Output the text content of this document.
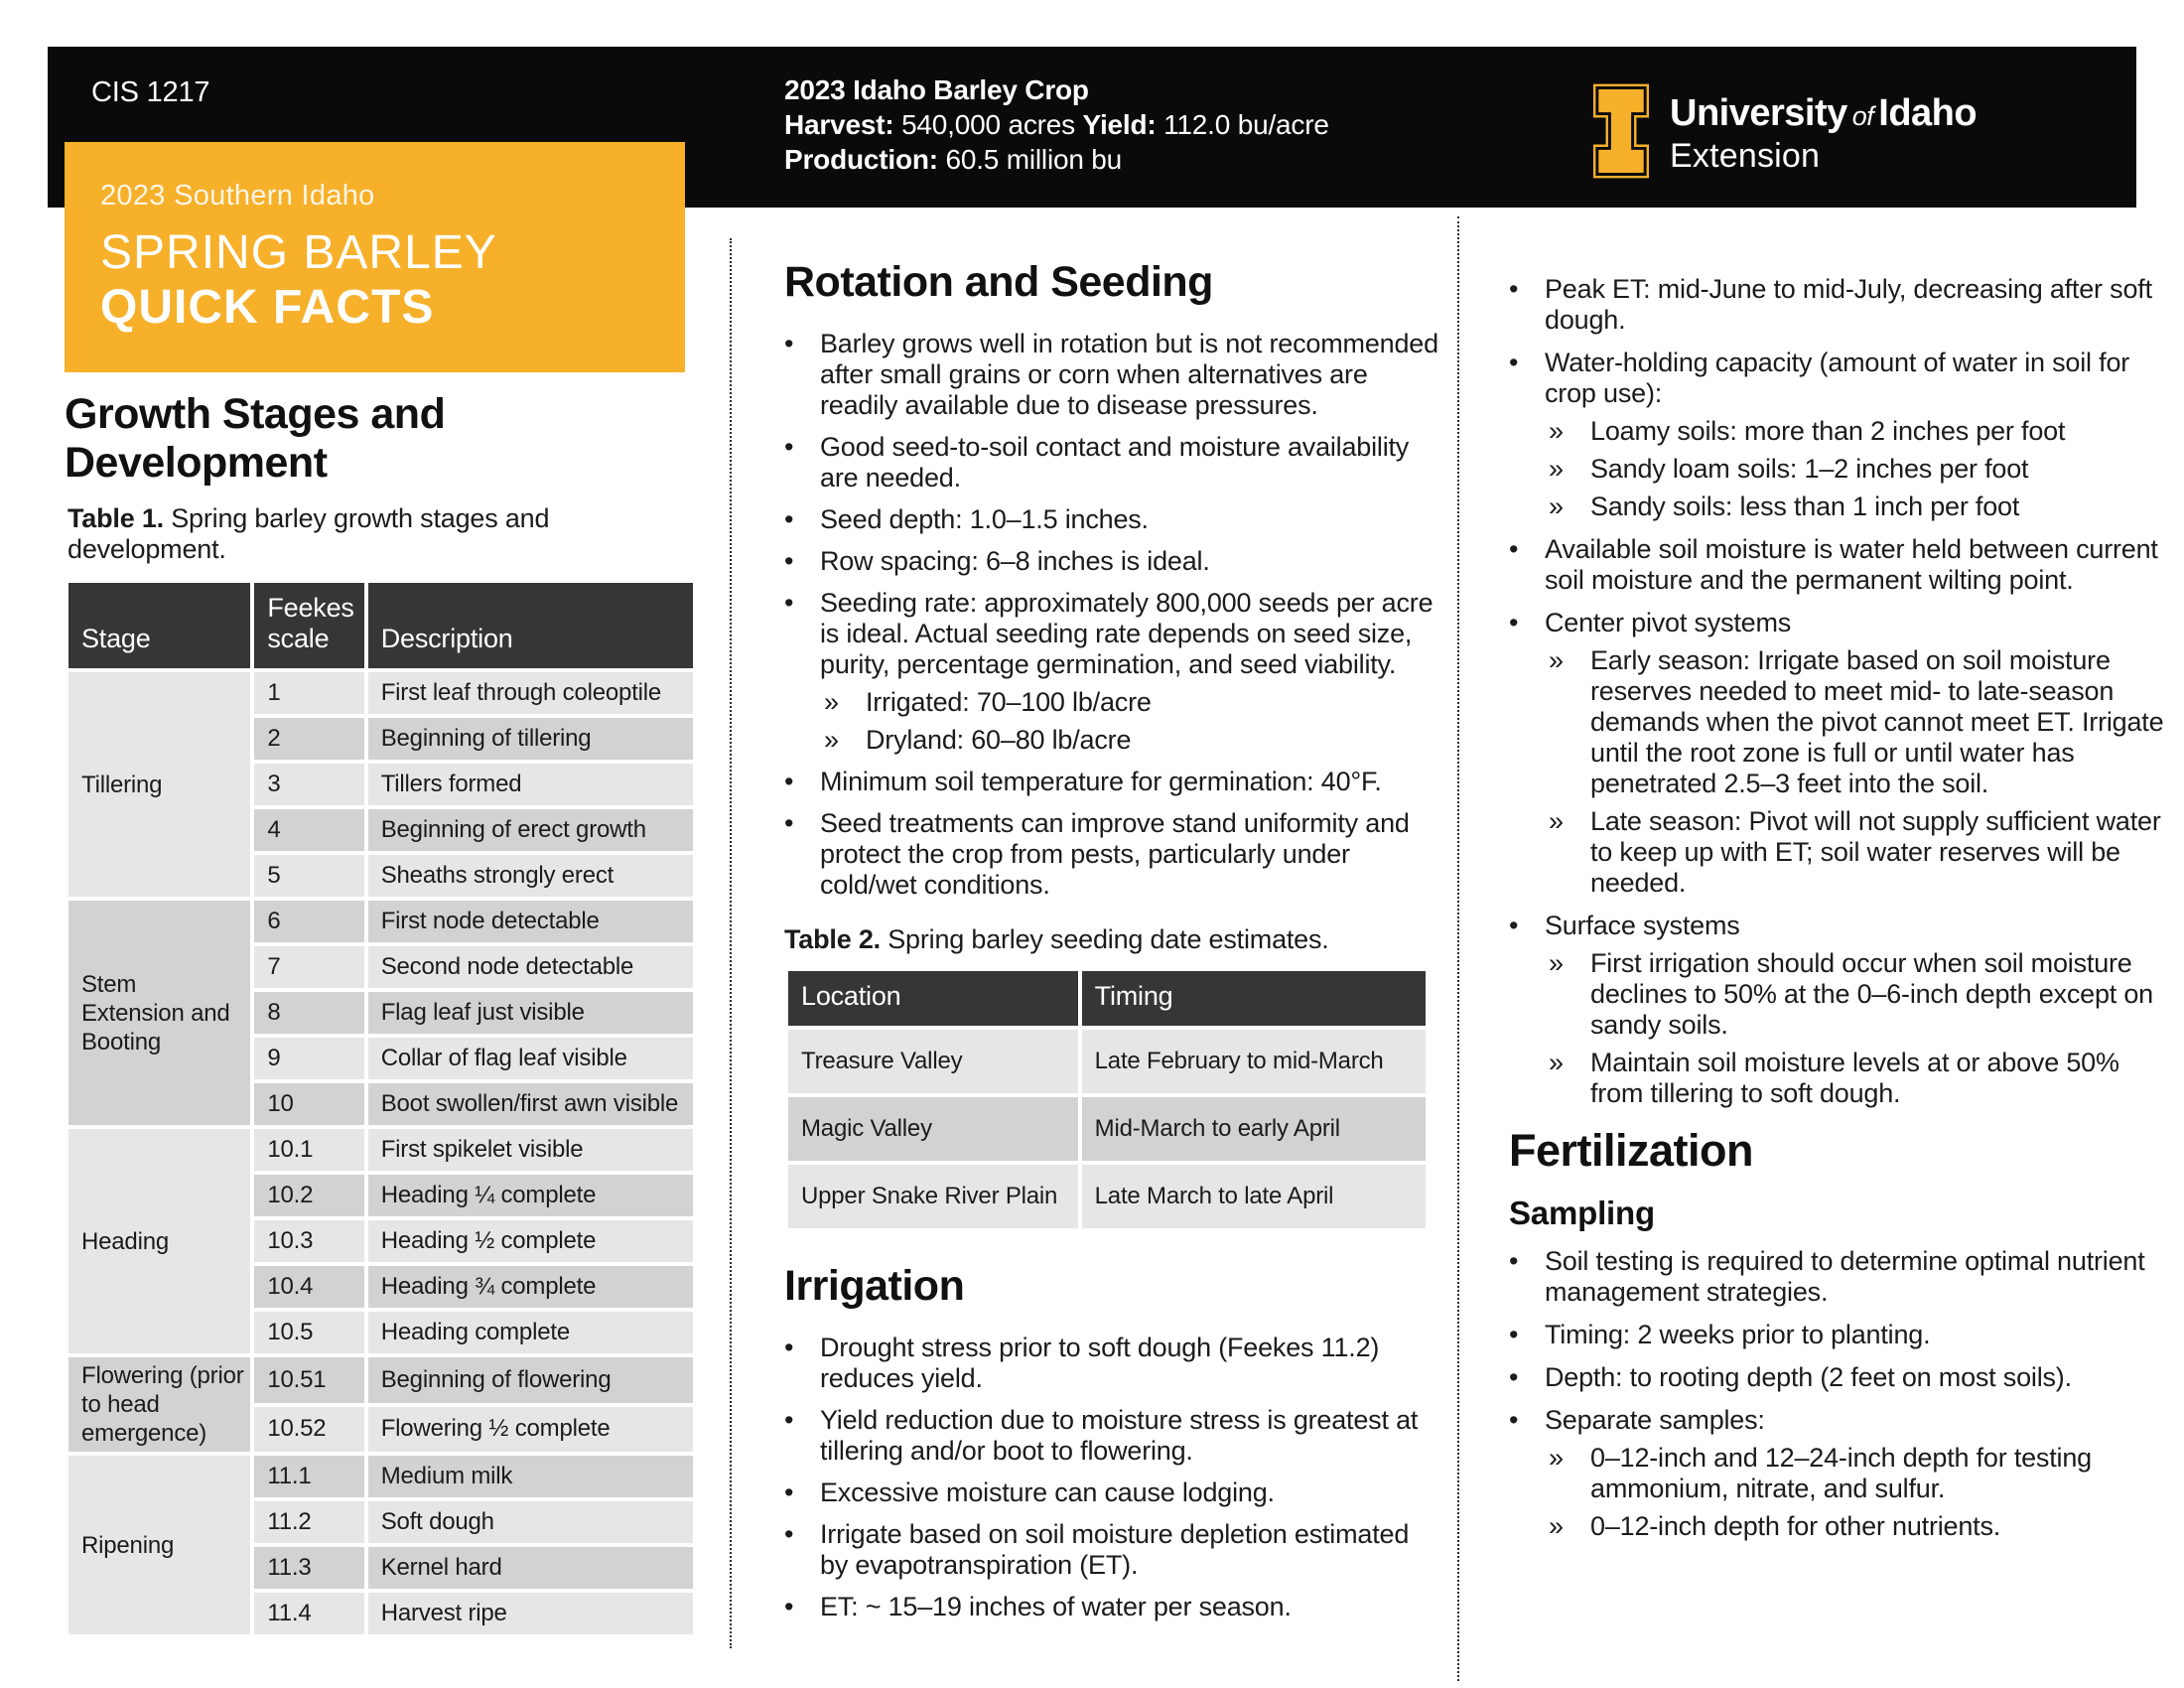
CIS 1217	2023 Idaho Barley Crop
Harvest: 540,000 acres Yield: 112.0 bu/acre
Production: 60.5 million bu
University of Idaho
Extension
2023 Southern Idaho
SPRING BARLEY
QUICK FACTS
Growth Stages and Development
Table 1. Spring barley growth stages and development.
Stage	Feekes scale	Description
Tillering	1	First leaf through coleoptile
	2	Beginning of tillering
	3	Tillers formed
	4	Beginning of erect growth
	5	Sheaths strongly erect
Stem Extension and Booting	6	First node detectable
	7	Second node detectable
	8	Flag leaf just visible
	9	Collar of flag leaf visible
	10	Boot swollen/first awn visible
Heading	10.1	First spikelet visible
	10.2	Heading ¼ complete
	10.3	Heading ½ complete
	10.4	Heading ¾ complete
	10.5	Heading complete
Flowering (prior to head emergence)	10.51	Beginning of flowering
	10.52	Flowering ½ complete
Ripening	11.1	Medium milk
	11.2	Soft dough
	11.3	Kernel hard
	11.4	Harvest ripe
Rotation and Seeding
• Barley grows well in rotation but is not recommended after small grains or corn when alternatives are readily available due to disease pressures.
• Good seed-to-soil contact and moisture availability are needed.
• Seed depth: 1.0–1.5 inches.
• Row spacing: 6–8 inches is ideal.
• Seeding rate: approximately 800,000 seeds per acre is ideal. Actual seeding rate depends on seed size, purity, percentage germination, and seed viability.
»	Irrigated: 70–100 lb/acre
»	Dryland: 60–80 lb/acre
• Minimum soil temperature for germination: 40°F.
• Seed treatments can improve stand uniformity and protect the crop from pests, particularly under cold/wet conditions.
Table 2. Spring barley seeding date estimates.
Location	Timing
Treasure Valley	Late February to mid-March
Magic Valley	Mid-March to early April
Upper Snake River Plain	Late March to late April
Irrigation
• Drought stress prior to soft dough (Feekes 11.2) reduces yield.
• Yield reduction due to moisture stress is greatest at tillering and/or boot to flowering.
• Excessive moisture can cause lodging.
• Irrigate based on soil moisture depletion estimated by evapotranspiration (ET).
• ET: ~ 15–19 inches of water per season.
• Peak ET: mid-June to mid-July, decreasing after soft dough.
• Water-holding capacity (amount of water in soil for crop use):
»	Loamy soils: more than 2 inches per foot
»	Sandy loam soils: 1–2 inches per foot
»	Sandy soils: less than 1 inch per foot
• Available soil moisture is water held between current soil moisture and the permanent wilting point.
• Center pivot systems
»	Early season: Irrigate based on soil moisture reserves needed to meet mid- to late-season demands when the pivot cannot meet ET. Irrigate until the root zone is full or until water has penetrated 2.5–3 feet into the soil.
»	Late season: Pivot will not supply sufficient water to keep up with ET; soil water reserves will be needed.
• Surface systems
»	First irrigation should occur when soil moisture declines to 50% at the 0–6-inch depth except on sandy soils.
»	Maintain soil moisture levels at or above 50% from tillering to soft dough.
Fertilization
Sampling
• Soil testing is required to determine optimal nutrient management strategies.
• Timing: 2 weeks prior to planting.
• Depth: to rooting depth (2 feet on most soils).
• Separate samples:
»	0–12-inch and 12–24-inch depth for testing ammonium, nitrate, and sulfur.
»	0–12-inch depth for other nutrients.
